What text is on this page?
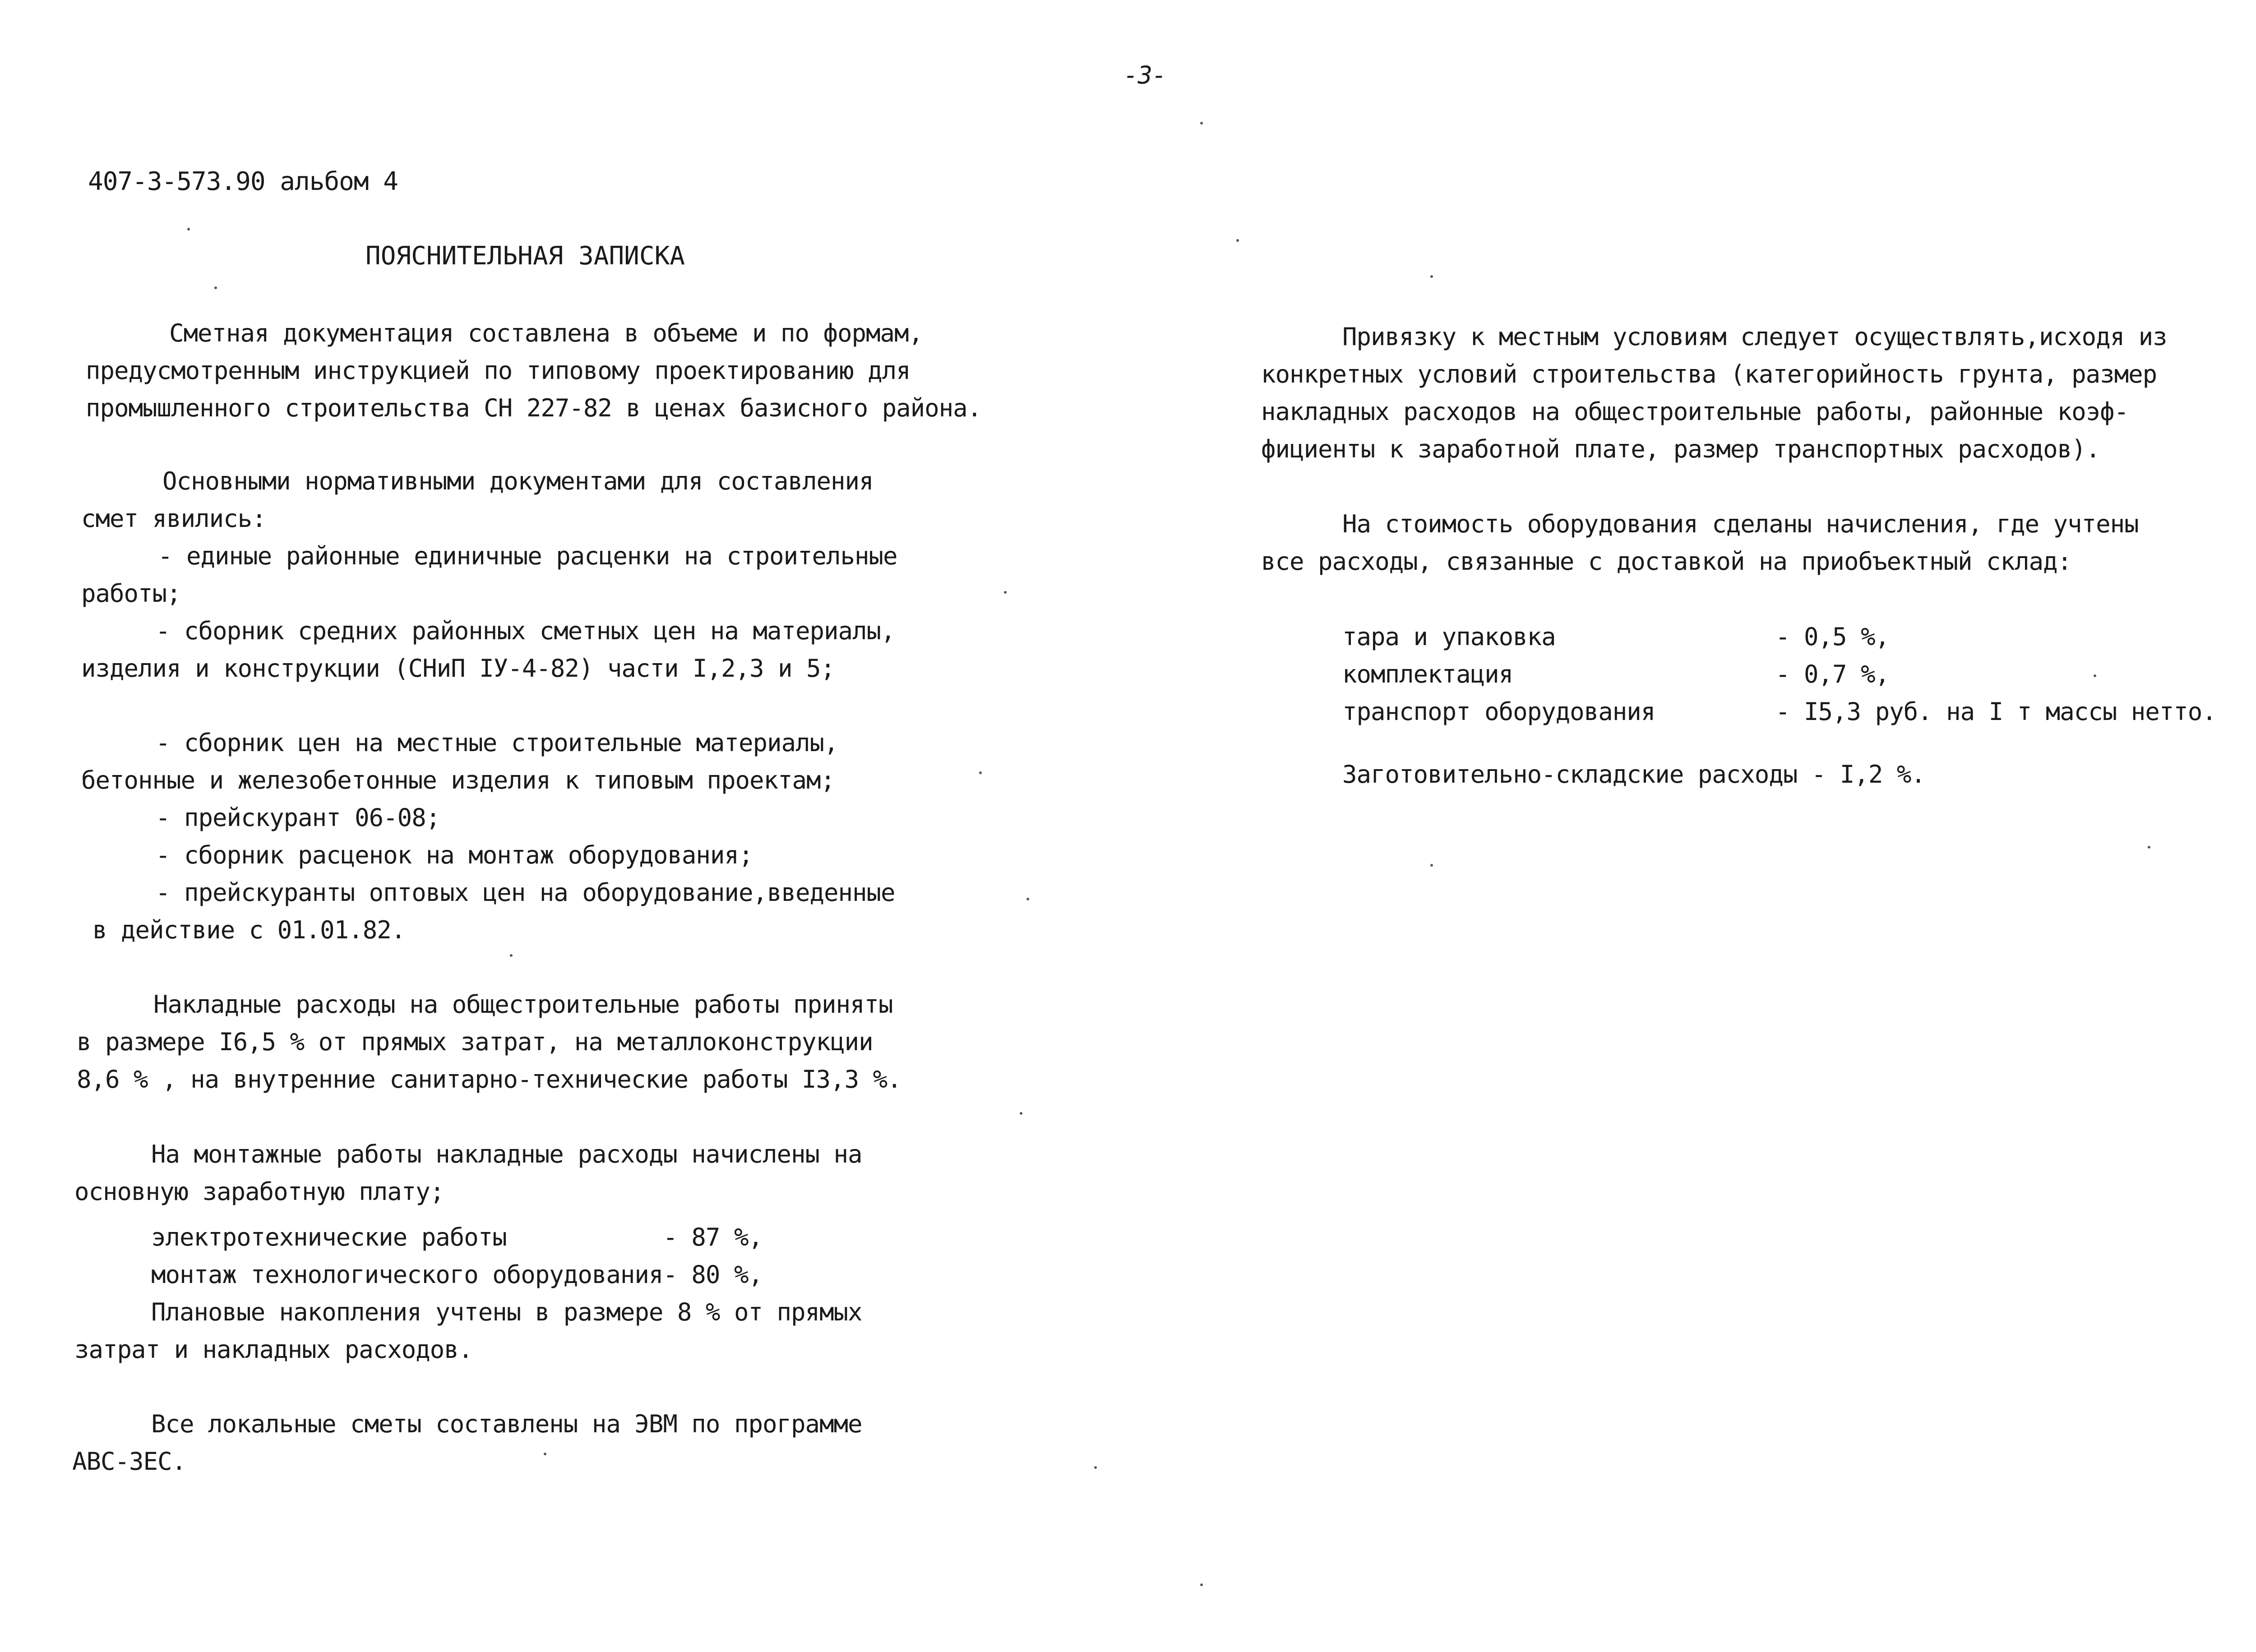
-3-
407-3-573.90 альбом 4
ПОЯСНИТЕЛЬНАЯ ЗАПИСКА
Сметная документация составлена в объеме и по формам,
предусмотренным инструкцией по типовому проектированию для
промышленного строительства СН 227-82 в ценах базисного района.
Основными нормативными документами для составления
смет явились:
- единые районные единичные расценки на строительные
работы;
- сборник средних районных сметных цен на материалы,
изделия и конструкции (СНиП IУ-4-82) части I,2,3 и 5;
- сборник цен на местные строительные материалы,
бетонные и железобетонные изделия к типовым проектам;
- прейскурант 06-08;
- сборник расценок на монтаж оборудования;
- прейскуранты оптовых цен на оборудование,введенные
в действие с 01.01.82.
Накладные расходы на общестроительные работы приняты
в размере I6,5 % от прямых затрат, на металлоконструкции
8,6 % , на внутренние санитарно-технические работы I3,3 %.
На монтажные работы накладные расходы начислены на
основную заработную плату;
электротехнические работы           - 87 %,
монтаж технологического оборудования- 80 %,
Плановые накопления учтены в размере 8 % от прямых
затрат и накладных расходов.
Все локальные сметы составлены на ЭВМ по программе
АВС-ЗЕС.
Привязку к местным условиям следует осуществлять,исходя из
конкретных условий строительства (категорийность грунта, размер
накладных расходов на общестроительные работы, районные коэф-
фициенты к заработной плате, размер транспортных расходов).
На стоимость оборудования сделаны начисления, где учтены
все расходы, связанные с доставкой на приобъектный склад:
тара и упаковка	- 0,5 %,
комплектация	- 0,7 %,
транспорт оборудования	- I5,3 руб. на I т массы нетто.
Заготовительно-складские расходы - I,2 %.
